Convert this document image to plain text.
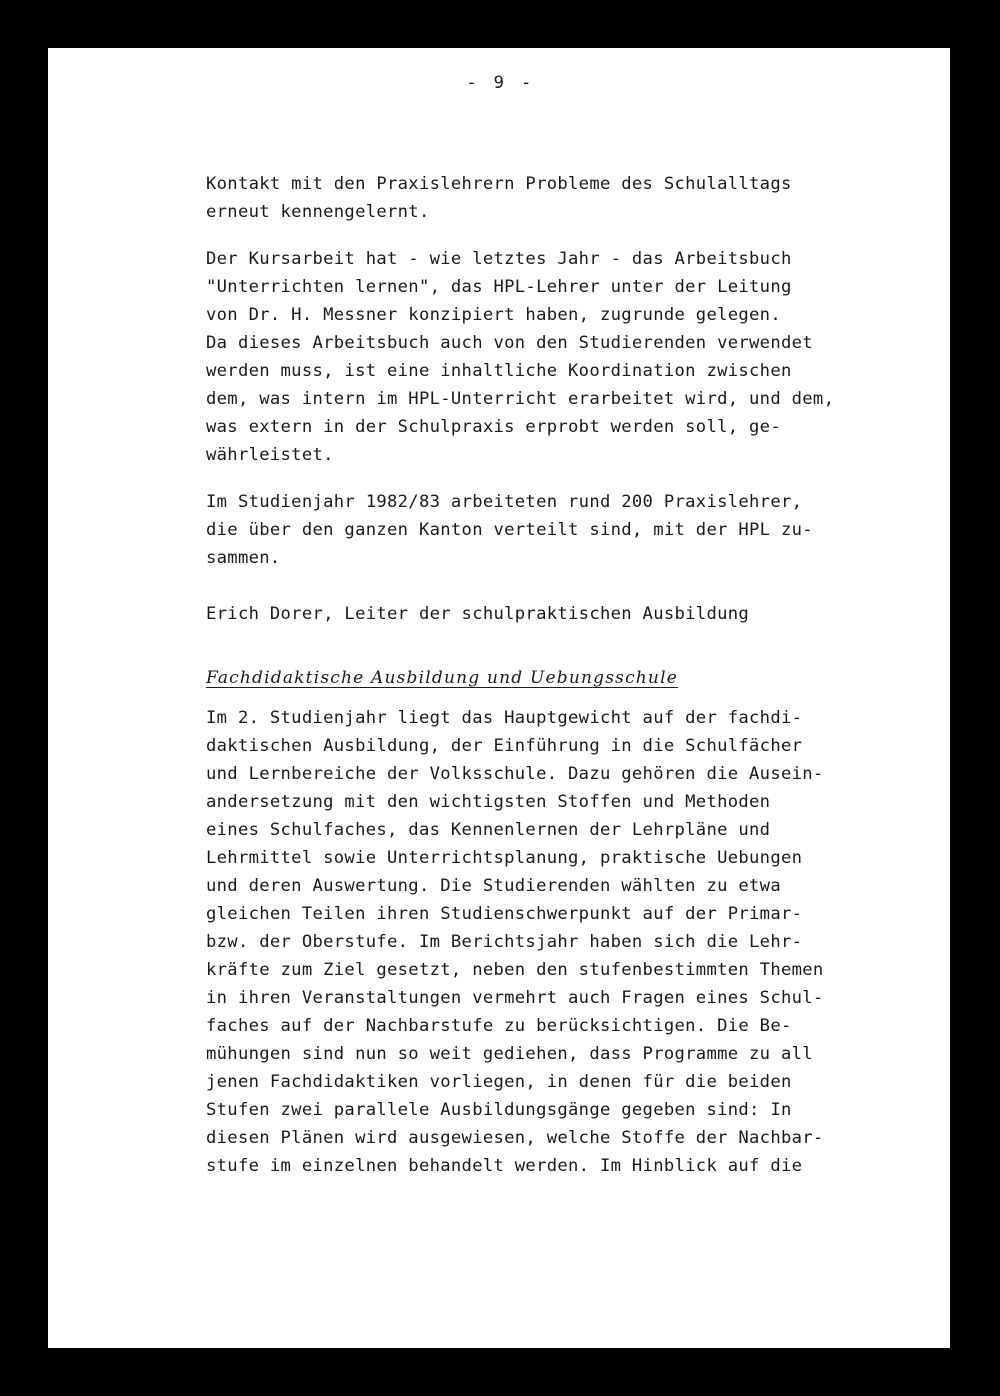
- 9 -

Kontakt mit den Praxislehrern Probleme des Schulalltags
erneut kennengelernt.

Der Kursarbeit hat - wie letztes Jahr - das Arbeitsbuch
"Unterrichten lernen", das HPL-Lehrer unter der Leitung
von Dr. H. Messner konzipiert haben, zugrunde gelegen.
Da dieses Arbeitsbuch auch von den Studierenden verwendet
werden muss, ist eine inhaltliche Koordination zwischen
dem, was intern im HPL-Unterricht erarbeitet wird, und dem,
was extern in der Schulpraxis erprobt werden soll, ge-
währleistet.

Im Studienjahr 1982/83 arbeiteten rund 200 Praxislehrer,
die über den ganzen Kanton verteilt sind, mit der HPL zu-
sammen.

Erich Dorer, Leiter der schulpraktischen Ausbildung

Fachdidaktische Ausbildung und Uebungsschule

Im 2. Studienjahr liegt das Hauptgewicht auf der fachdi-
daktischen Ausbildung, der Einführung in die Schulfächer
und Lernbereiche der Volksschule. Dazu gehören die Ausein-
andersetzung mit den wichtigsten Stoffen und Methoden
eines Schulfaches, das Kennenlernen der Lehrpläne und
Lehrmittel sowie Unterrichtsplanung, praktische Uebungen
und deren Auswertung. Die Studierenden wählten zu etwa
gleichen Teilen ihren Studienschwerpunkt auf der Primar-
bzw. der Oberstufe. Im Berichtsjahr haben sich die Lehr-
kräfte zum Ziel gesetzt, neben den stufenbestimmten Themen
in ihren Veranstaltungen vermehrt auch Fragen eines Schul-
faches auf der Nachbarstufe zu berücksichtigen. Die Be-
mühungen sind nun so weit gediehen, dass Programme zu all
jenen Fachdidaktiken vorliegen, in denen für die beiden
Stufen zwei parallele Ausbildungsgänge gegeben sind: In
diesen Plänen wird ausgewiesen, welche Stoffe der Nachbar-
stufe im einzelnen behandelt werden. Im Hinblick auf die
